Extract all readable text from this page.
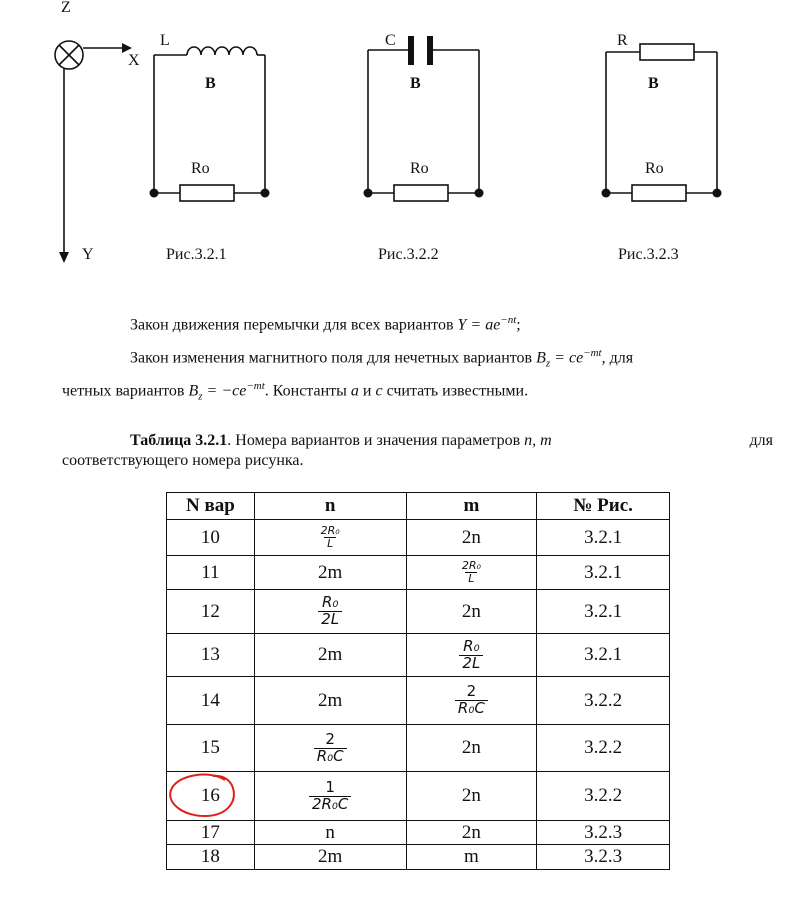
Z
X
Y
L
B
Ro
Рис.3.2.1
C
B
Ro
Рис.3.2.2
R
B
Ro
Рис.3.2.3
Закон движения перемычки для всех вариантов $Y = ae^{-nt}$;
Закон изменения магнитного поля для нечетных вариантов $B_z = ce^{-mt}$, для
четных вариантов $B_z = -ce^{-mt}$. Константы a и c считать известными.
Таблица 3.2.1. Номера вариантов и значения параметров n, m	для
соответствующего номера рисунка.
N вар	n	m	№ Рис.
10	$\frac{\text{2R₀}}{L}$	2n	3.2.1
11	2m	$\frac{\text{2R₀}}{L}$	3.2.1
12	$\frac{\text{R₀}}{2L}$	2n	3.2.1
13	2m	$\frac{\text{R₀}}{2L}$	3.2.1
14	2m	$\frac{2}{\text{R₀C}}$	3.2.2
15	$\frac{2}{\text{R₀C}}$	2n	3.2.2

16	$\frac{1}{\text{2R₀C}}$	2n	3.2.2
17	n	2n	3.2.3
18	2m	m	3.2.3
